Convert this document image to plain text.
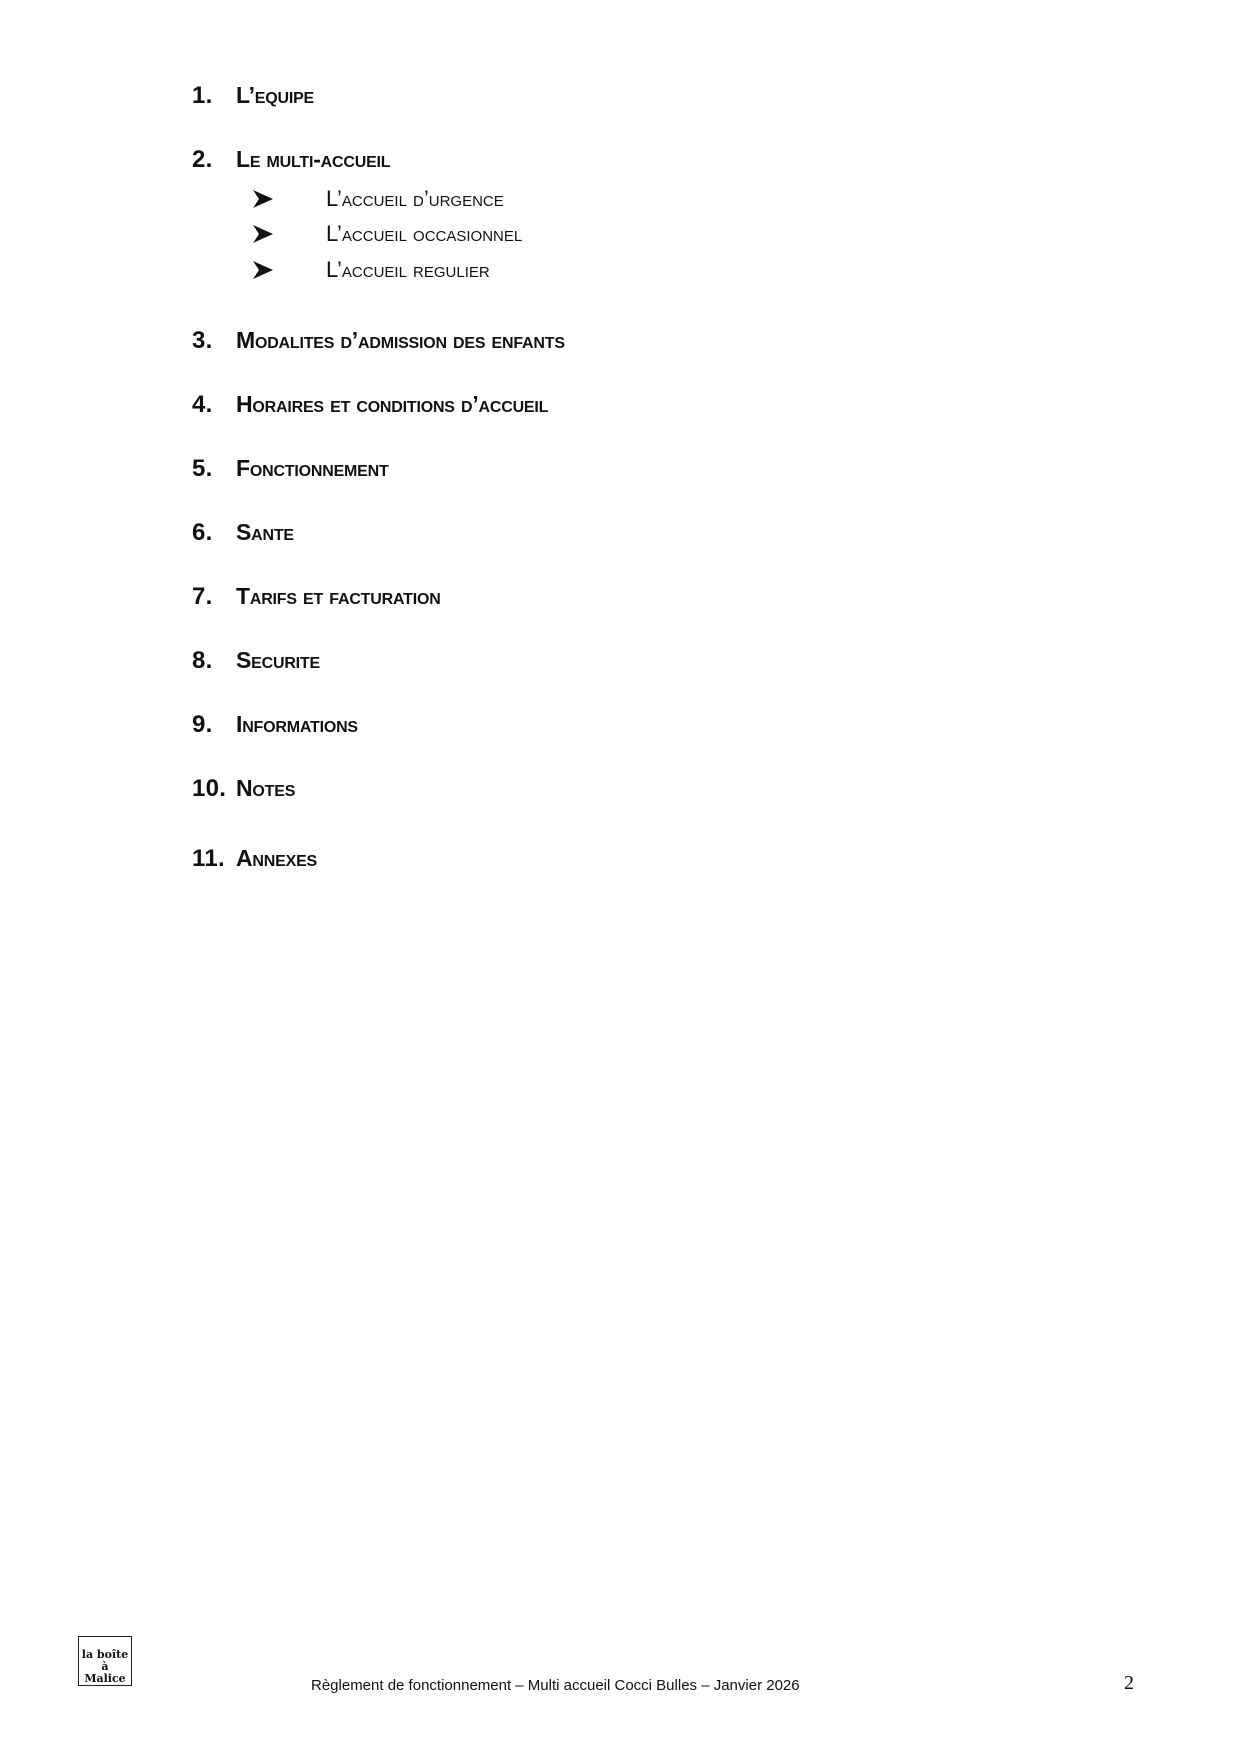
1.	L’equipe
2.	Le multi-accueil
L’accueil d’urgence
L’accueil occasionnel
L’accueil regulier
3.	Modalites d’admission des enfants
4.	Horaires et conditions d’accueil
5.	Fonctionnement
6.	Sante
7.	Tarifs et facturation
8.	Securite
9.	Informations
10. Notes
11. Annexes
la boîte
à Malice	Règlement de fonctionnement – Multi accueil Cocci Bulles – Janvier 2026	2
